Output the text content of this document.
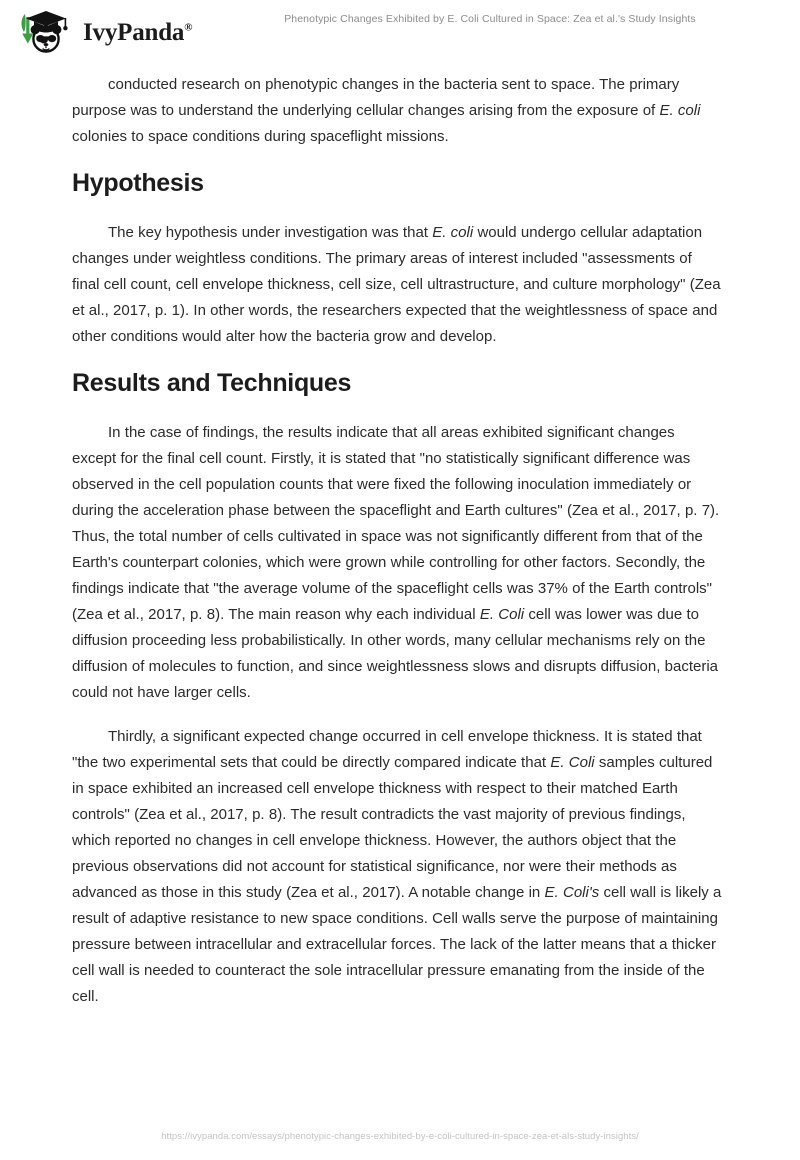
IvyPanda®
Phenotypic Changes Exhibited by E. Coli Cultured in Space: Zea et al.'s Study Insights

conducted research on phenotypic changes in the bacteria sent to space. The primary purpose was to understand the underlying cellular changes arising from the exposure of E. coli colonies to space conditions during spaceflight missions.

Hypothesis

The key hypothesis under investigation was that E. coli would undergo cellular adaptation changes under weightless conditions. The primary areas of interest included "assessments of final cell count, cell envelope thickness, cell size, cell ultrastructure, and culture morphology" (Zea et al., 2017, p. 1). In other words, the researchers expected that the weightlessness of space and other conditions would alter how the bacteria grow and develop.

Results and Techniques

In the case of findings, the results indicate that all areas exhibited significant changes except for the final cell count. Firstly, it is stated that "no statistically significant difference was observed in the cell population counts that were fixed the following inoculation immediately or during the acceleration phase between the spaceflight and Earth cultures" (Zea et al., 2017, p. 7). Thus, the total number of cells cultivated in space was not significantly different from that of the Earth's counterpart colonies, which were grown while controlling for other factors. Secondly, the findings indicate that "the average volume of the spaceflight cells was 37% of the Earth controls" (Zea et al., 2017, p. 8). The main reason why each individual E. Coli cell was lower was due to diffusion proceeding less probabilistically. In other words, many cellular mechanisms rely on the diffusion of molecules to function, and since weightlessness slows and disrupts diffusion, bacteria could not have larger cells.

Thirdly, a significant expected change occurred in cell envelope thickness. It is stated that "the two experimental sets that could be directly compared indicate that E. Coli samples cultured in space exhibited an increased cell envelope thickness with respect to their matched Earth controls" (Zea et al., 2017, p. 8). The result contradicts the vast majority of previous findings, which reported no changes in cell envelope thickness. However, the authors object that the previous observations did not account for statistical significance, nor were their methods as advanced as those in this study (Zea et al., 2017). A notable change in E. Coli's cell wall is likely a result of adaptive resistance to new space conditions. Cell walls serve the purpose of maintaining pressure between intracellular and extracellular forces. The lack of the latter means that a thicker cell wall is needed to counteract the sole intracellular pressure emanating from the inside of the cell.

https://ivypanda.com/essays/phenotypic-changes-exhibited-by-e-coli-cultured-in-space-zea-et-als-study-insights/
